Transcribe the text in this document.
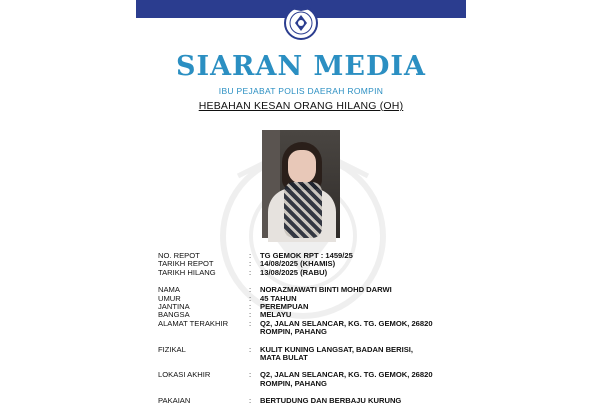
SIARAN MEDIA
IBU PEJABAT POLIS DAERAH ROMPIN
HEBAHAN KESAN ORANG HILANG (OH)
NO. REPOT	:	TG GEMOK RPT : 1459/25
TARIKH REPOT	:	14/08/2025 (KHAMIS)
TARIKH HILANG	:	13/08/2025 (RABU)
NAMA	:	NORAZMAWATI BINTI MOHD DARWI
UMUR	:	45 TAHUN
JANTINA	:	PEREMPUAN
BANGSA	:	MELAYU
ALAMAT TERAKHIR	:	Q2, JALAN SELANCAR, KG. TG. GEMOK, 26820
ROMPIN, PAHANG
FIZIKAL	:	KULIT KUNING LANGSAT, BADAN BERISI,
MATA BULAT
LOKASI AKHIR	:	Q2, JALAN SELANCAR, KG. TG. GEMOK, 26820
ROMPIN, PAHANG
PAKAIAN	:	BERTUDUNG DAN BERBAJU KURUNG
